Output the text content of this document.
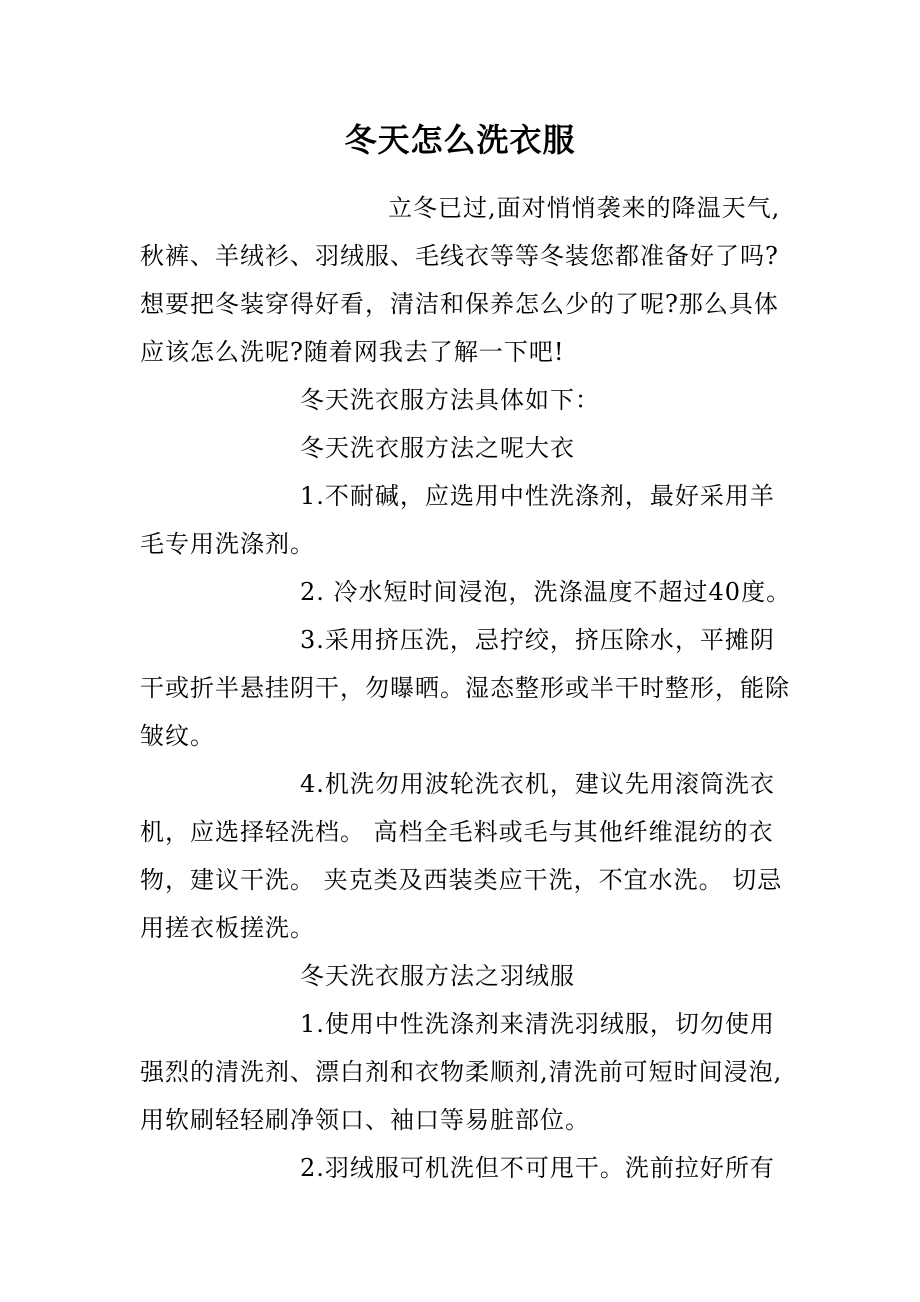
冬天怎么洗衣服
立冬已过,面对悄悄袭来的降温天气,
秋裤、羊绒衫、羽绒服、毛线衣等等冬装您都准备好了吗?
想要把冬装穿得好看，清洁和保养怎么少的了呢?那么具体
应该怎么洗呢?随着网我去了解一下吧!
冬天洗衣服方法具体如下：
冬天洗衣服方法之呢大衣
1.不耐碱，应选用中性洗涤剂，最好采用羊
毛专用洗涤剂。
2. 冷水短时间浸泡，洗涤温度不超过40度。
3.采用挤压洗，忌拧绞，挤压除水，平摊阴
干或折半悬挂阴干，勿曝晒。湿态整形或半干时整形，能除
皱纹。
4.机洗勿用波轮洗衣机，建议先用滚筒洗衣
机，应选择轻洗档。 高档全毛料或毛与其他纤维混纺的衣
物，建议干洗。 夹克类及西装类应干洗，不宜水洗。 切忌
用搓衣板搓洗。
冬天洗衣服方法之羽绒服
1.使用中性洗涤剂来清洗羽绒服，切勿使用
强烈的清洗剂、漂白剂和衣物柔顺剂,清洗前可短时间浸泡,
用软刷轻轻刷净领口、袖口等易脏部位。
2.羽绒服可机洗但不可甩干。洗前拉好所有
